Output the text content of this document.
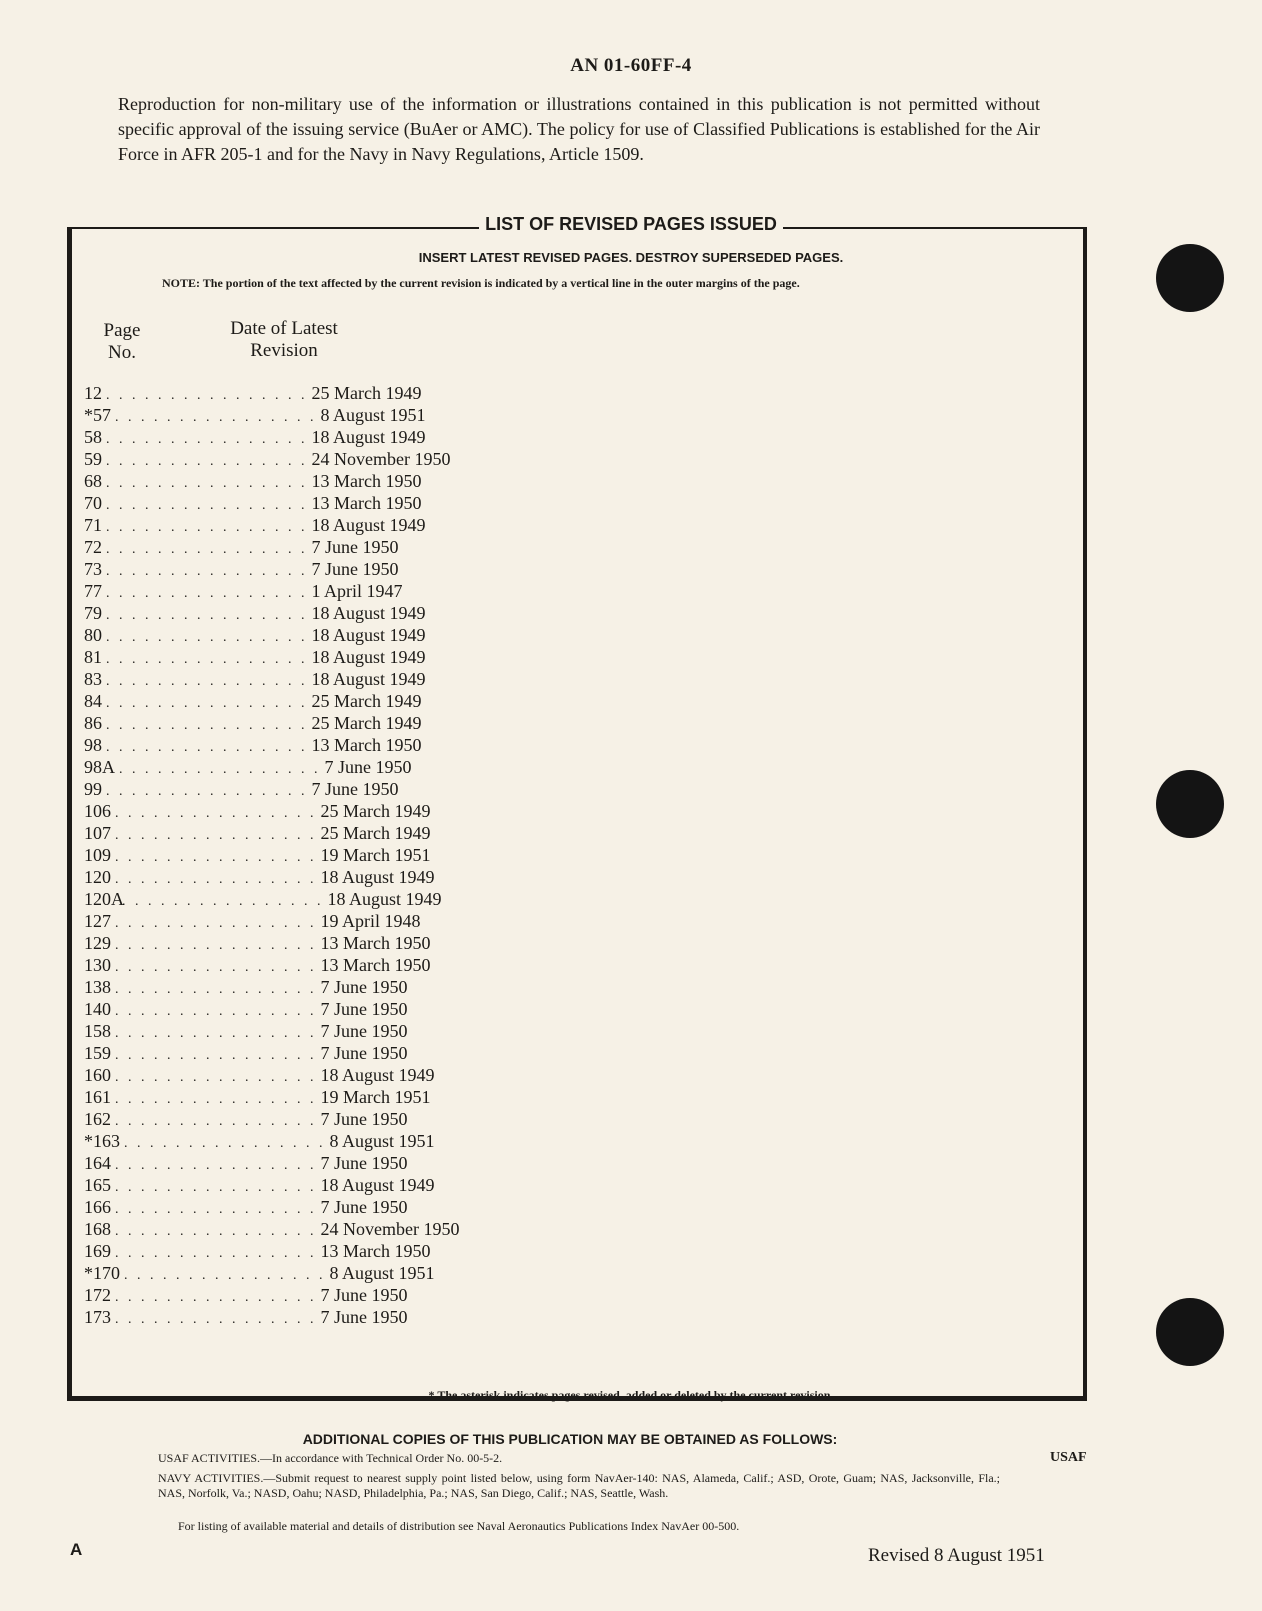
AN 01-60FF-4

Reproduction for non-military use of the information or illustrations contained in this publication is not permitted without specific approval of the issuing service (BuAer or AMC). The policy for use of Classified Publications is established for the Air Force in AFR 205-1 and for the Navy in Navy Regulations, Article 1509.

LIST OF REVISED PAGES ISSUED
INSERT LATEST REVISED PAGES. DESTROY SUPERSEDED PAGES.
NOTE: The portion of the text affected by the current revision is indicated by a vertical line in the outer margins of the page.
Page
No.
Date of Latest
Revision
12 . . . . . . . . . . . . . . . . 25 March 1949
* 57 . . . . . . . . . . . . . . . . 8 August 1951
58 . . . . . . . . . . . . . . . . 18 August 1949
59 . . . . . . . . . . . . . . . . 24 November 1950
68 . . . . . . . . . . . . . . . . 13 March 1950
70 . . . . . . . . . . . . . . . . 13 March 1950
71 . . . . . . . . . . . . . . . . 18 August 1949
72 . . . . . . . . . . . . . . . . 7 June 1950
73 . . . . . . . . . . . . . . . . 7 June 1950
77 . . . . . . . . . . . . . . . . 1 April 1947
79 . . . . . . . . . . . . . . . . 18 August 1949
80 . . . . . . . . . . . . . . . . 18 August 1949
81 . . . . . . . . . . . . . . . . 18 August 1949
83 . . . . . . . . . . . . . . . . 18 August 1949
84 . . . . . . . . . . . . . . . . 25 March 1949
86 . . . . . . . . . . . . . . . . 25 March 1949
98 . . . . . . . . . . . . . . . . 13 March 1950
98A . . . . . . . . . . . . . . . . 7 June 1950
99 . . . . . . . . . . . . . . . . 7 June 1950
106 . . . . . . . . . . . . . . . . 25 March 1949
107 . . . . . . . . . . . . . . . . 25 March 1949
109 . . . . . . . . . . . . . . . . 19 March 1951
120 . . . . . . . . . . . . . . . . 18 August 1949
120A
. . . . . . . . . . . . . . . . 18 August 1949
127 . . . . . . . . . . . . . . . . 19 April 1948
129 . . . . . . . . . . . . . . . . 13 March 1950
130 . . . . . . . . . . . . . . . . 13 March 1950
138 . . . . . . . . . . . . . . . . 7 June 1950
140 . . . . . . . . . . . . . . . . 7 June 1950
158 . . . . . . . . . . . . . . . . 7 June 1950
159 . . . . . . . . . . . . . . . . 7 June 1950
160 . . . . . . . . . . . . . . . . 18 August 1949
161 . . . . . . . . . . . . . . . . 19 March 1951
162 . . . . . . . . . . . . . . . . 7 June 1950
* 163 . . . . . . . . . . . . . . . . 8 August 1951
164 . . . . . . . . . . . . . . . . 7 June 1950
165 . . . . . . . . . . . . . . . . 18 August 1949
166 . . . . . . . . . . . . . . . . 7 June 1950
168 . . . . . . . . . . . . . . . . 24 November 1950
169 . . . . . . . . . . . . . . . . 13 March 1950
* 170 . . . . . . . . . . . . . . . . 8 August 1951
172 . . . . . . . . . . . . . . . . 7 June 1950
173 . . . . . . . . . . . . . . . . 7 June 1950
* The asterisk indicates pages revised, added or deleted by the current revision.
ADDITIONAL COPIES OF THIS PUBLICATION MAY BE OBTAINED AS FOLLOWS:
USAF ACTIVITIES.—In accordance with Technical Order No. 00-5-2.	USAF
NAVY ACTIVITIES.—Submit request to nearest supply point listed below, using form NavAer-140: NAS, Alameda, Calif.; ASD, Orote, Guam; NAS, Jacksonville, Fla.; NAS, Norfolk, Va.; NASD, Oahu; NASD, Philadelphia, Pa.; NAS, San Diego, Calif.; NAS, Seattle, Wash.
For listing of available material and details of distribution see Naval Aeronautics Publications Index NavAer 00-500.
A	Revised 8 August 1951
